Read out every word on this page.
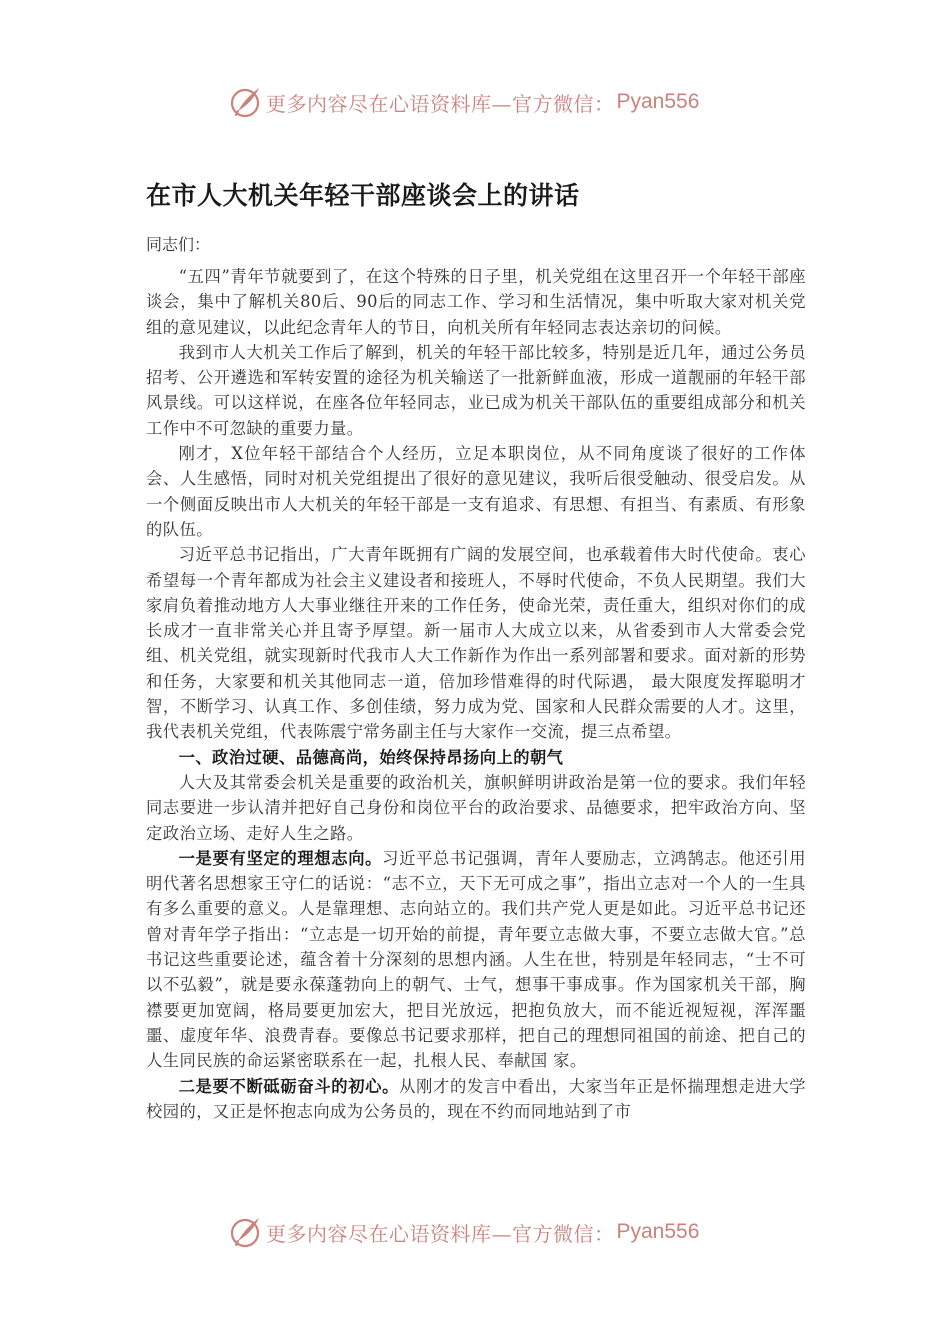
更多内容尽在心语资料库—官方微信： Pyan556
在市人大机关年轻干部座谈会上的讲话
同志们：

“五四”青年节就要到了，在这个特殊的日子里，机关党组在这里召开一个年轻干部座谈会，集中了解机关80后、90后的同志工作、学习和生活情况，集中听取大家对机关党组的意见建议，以此纪念青年人的节日，向机关所有年轻同志表达亲切的问候。

我到市人大机关工作后了解到，机关的年轻干部比较多，特别是近几年，通过公务员招考、公开遴选和军转安置的途径为机关输送了一批新鲜血液，形成一道靓丽的年轻干部风景线。可以这样说，在座各位年轻同志，业已成为机关干部队伍的重要组成部分和机关工作中不可忽缺的重要力量。

刚才，X位年轻干部结合个人经历，立足本职岗位，从不同角度谈了很好的工作体会、人生感悟，同时对机关党组提出了很好的意见建议，我听后很受触动、很受启发。从一个侧面反映出市人大机关的年轻干部是一支有追求、有思想、有担当、有素质、有形象的队伍。

习近平总书记指出，广大青年既拥有广阔的发展空间，也承载着伟大时代使命。衷心希望每一个青年都成为社会主义建设者和接班人，不辱时代使命，不负人民期望。我们大家肩负着推动地方人大事业继往开来的工作任务，使命光荣，责任重大，组织对你们的成长成才一直非常关心并且寄予厚望。新一届市人大成立以来，从省委到市人大常委会党组、机关党组，就实现新时代我市人大工作新作为作出一系列部署和要求。面对新的形势和任务，大家要和机关其他同志一道，倍加珍惜难得的时代际遇， 最大限度发挥聪明才智，不断学习、认真工作、多创佳绩，努力成为党、国家和人民群众需要的人才。这里，我代表机关党组，代表陈震宁常务副主任与大家作一交流，提三点希望。

一、政治过硬、品德高尚，始终保持昂扬向上的朝气

人大及其常委会机关是重要的政治机关，旗帜鲜明讲政治是第一位的要求。我们年轻同志要进一步认清并把好自己身份和岗位平台的政治要求、品德要求，把牢政治方向、坚定政治立场、走好人生之路。

一是要有坚定的理想志向。习近平总书记强调，青年人要励志，立鸿鹄志。他还引用明代著名思想家王守仁的话说：“志不立，天下无可成之事”，指出立志对一个人的一生具有多么重要的意义。人是靠理想、志向站立的。我们共产党人更是如此。习近平总书记还曾对青年学子指出：“立志是一切开始的前提，青年要立志做大事，不要立志做大官。”总书记这些重要论述，蕴含着十分深刻的思想内涵。人生在世，特别是年轻同志，“士不可以不弘毅”，就是要永葆蓬勃向上的朝气、士气，想事干事成事。作为国家机关干部，胸襟要更加宽阔，格局要更加宏大，把目光放远，把抱负放大，而不能近视短视，浑浑噩噩、虚度年华、浪费青春。要像总书记要求那样，把自己的理想同祖国的前途、把自己的人生同民族的命运紧密联系在一起，扎根人民、奉献国 家。

二是要不断砥砺奋斗的初心。从刚才的发言中看出，大家当年正是怀揣理想走进大学校园的，又正是怀抱志向成为公务员的，现在不约而同地站到了市

更多内容尽在心语资料库—官方微信： Pyan556
